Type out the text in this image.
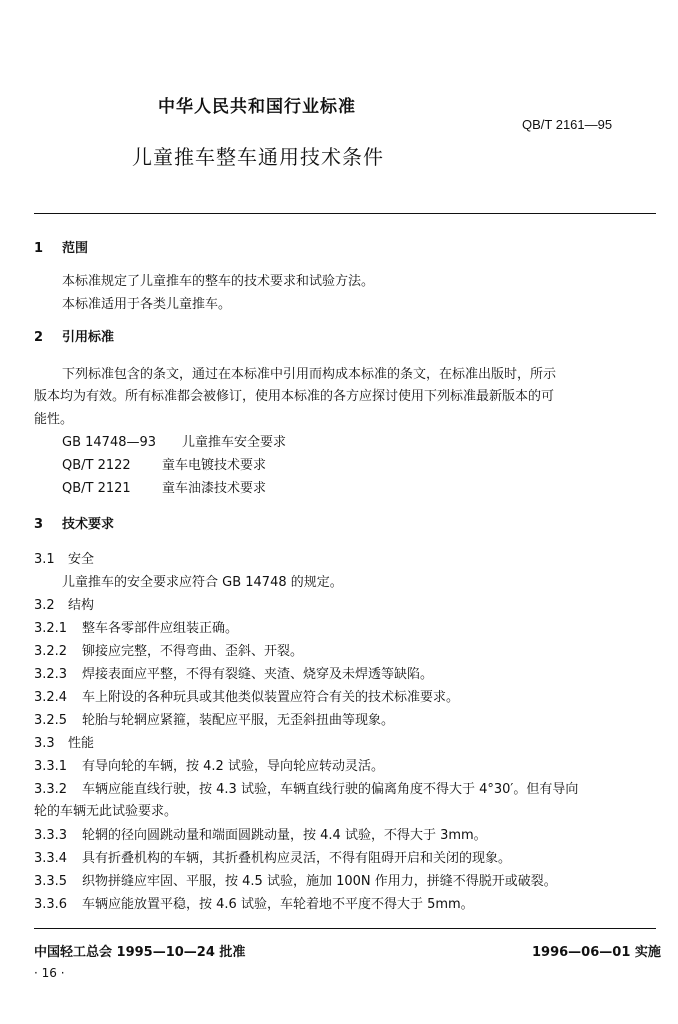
中华人民共和国行业标准
QB/T 2161—95
儿童推车整车通用技术条件
1 范围
本标准规定了儿童推车的整车的技术要求和试验方法。
本标准适用于各类儿童推车。
2 引用标准
下列标准包含的条文，通过在本标准中引用而构成本标准的条文，在标准出版时，所示
版本均为有效。所有标准都会被修订，使用本标准的各方应探讨使用下列标准最新版本的可
能性。
GB 14748—93 儿童推车安全要求
QB/T 2122 童车电镀技术要求
QB/T 2121 童车油漆技术要求
3 技术要求
3.1 安全
儿童推车的安全要求应符合 GB 14748 的规定。
3.2 结构
3.2.1 整车各零部件应组装正确。
3.2.2 铆接应完整，不得弯曲、歪斜、开裂。
3.2.3 焊接表面应平整，不得有裂缝、夹渣、烧穿及未焊透等缺陷。
3.2.4 车上附设的各种玩具或其他类似装置应符合有关的技术标准要求。
3.2.5 轮胎与轮辋应紧箍，装配应平服，无歪斜扭曲等现象。
3.3 性能
3.3.1 有导向轮的车辆，按 4.2 试验，导向轮应转动灵活。
3.3.2 车辆应能直线行驶，按 4.3 试验，车辆直线行驶的偏离角度不得大于 4°30′。但有导向
轮的车辆无此试验要求。
3.3.3 轮辋的径向圆跳动量和端面圆跳动量，按 4.4 试验，不得大于 3mm。
3.3.4 具有折叠机构的车辆，其折叠机构应灵活，不得有阻碍开启和关闭的现象。
3.3.5 织物拼缝应牢固、平服，按 4.5 试验，施加 100N 作用力，拼缝不得脱开或破裂。
3.3.6 车辆应能放置平稳，按 4.6 试验，车轮着地不平度不得大于 5mm。
中国轻工总会 1995—10—24 批准	1996—06—01 实施
· 16 ·
